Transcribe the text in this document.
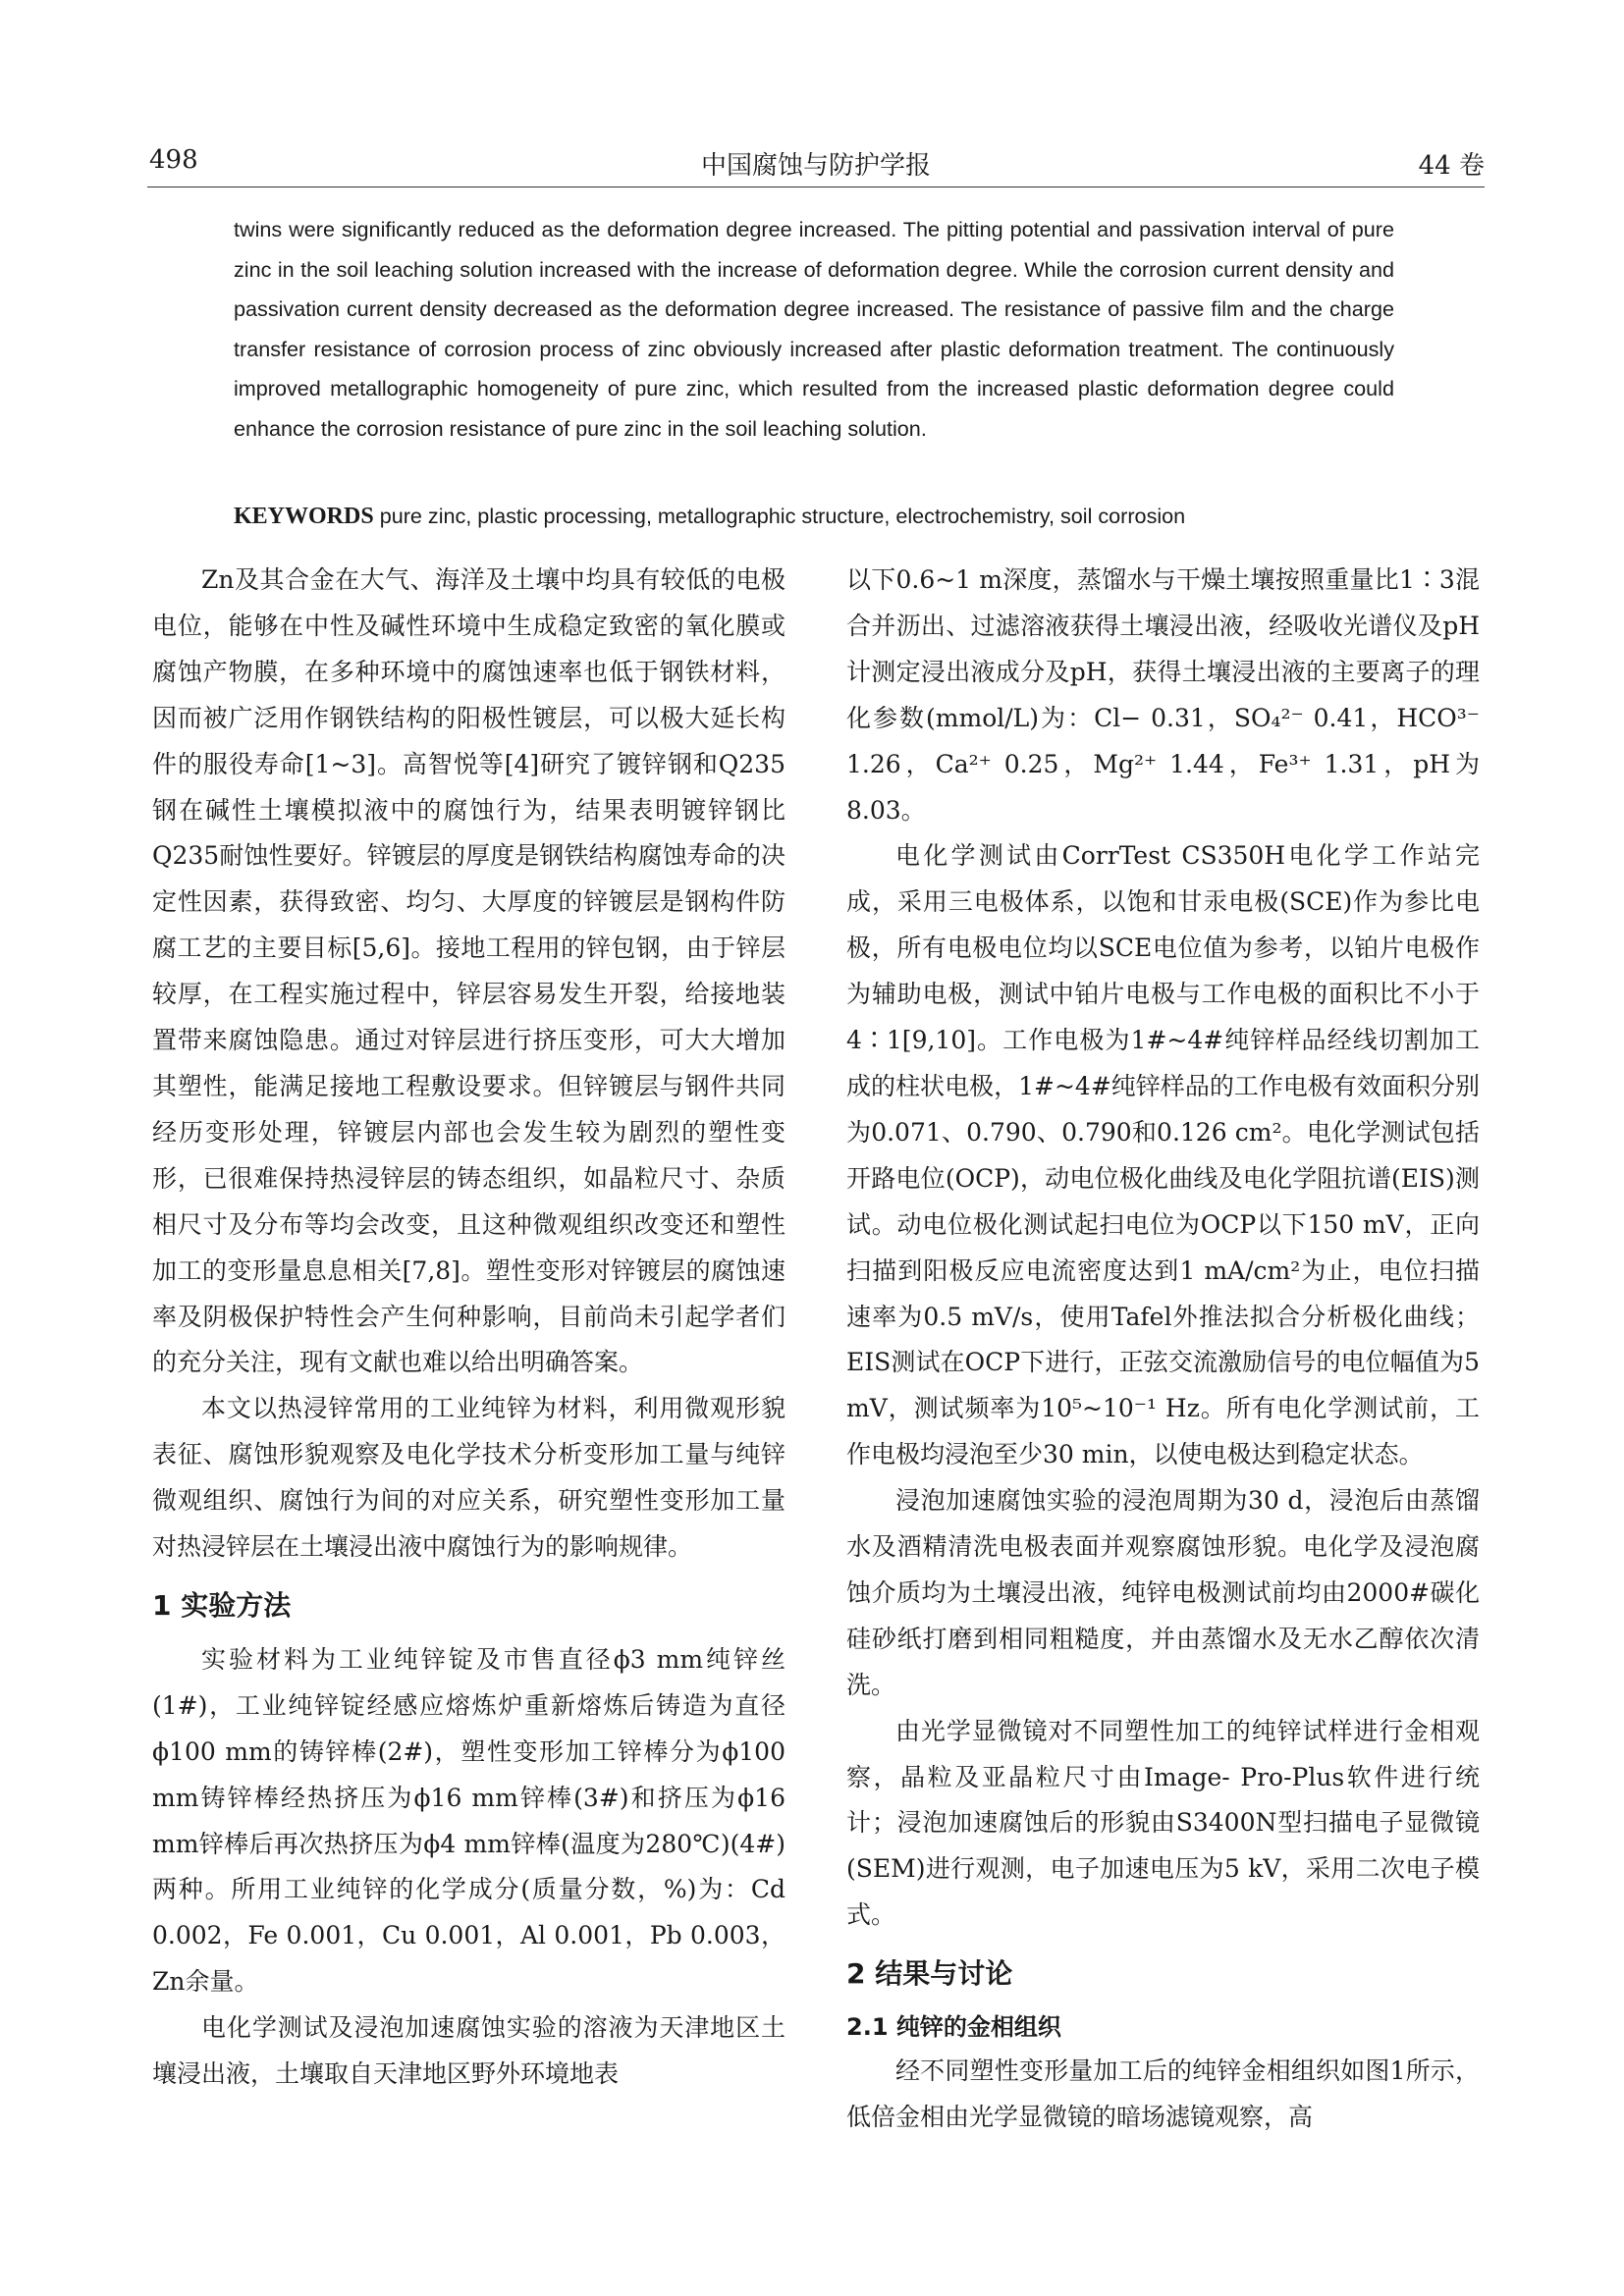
498	中国腐蚀与防护学报	44 卷

twins were significantly reduced as the deformation degree increased. The pitting potential and passivation interval of pure zinc in the soil leaching solution increased with the increase of deformation degree. While the corrosion current density and passivation current density decreased as the deformation degree increased. The resistance of passive film and the charge transfer resistance of corrosion process of zinc obviously increased after plastic deformation treatment. The continuously improved metallographic homogeneity of pure zinc, which resulted from the increased plastic deformation degree could enhance the corrosion resistance of pure zinc in the soil leaching solution.

KEYWORDS pure zinc, plastic processing, metallographic structure, electrochemistry, soil corrosion

Zn及其合金在大气、海洋及土壤中均具有较低的电极电位，能够在中性及碱性环境中生成稳定致密的氧化膜或腐蚀产物膜，在多种环境中的腐蚀速率也低于钢铁材料，因而被广泛用作钢铁结构的阳极性镀层，可以极大延长构件的服役寿命[1~3]。高智悦等[4]研究了镀锌钢和Q235钢在碱性土壤模拟液中的腐蚀行为，结果表明镀锌钢比Q235耐蚀性要好。锌镀层的厚度是钢铁结构腐蚀寿命的决定性因素，获得致密、均匀、大厚度的锌镀层是钢构件防腐工艺的主要目标[5,6]。接地工程用的锌包钢，由于锌层较厚，在工程实施过程中，锌层容易发生开裂，给接地装置带来腐蚀隐患。通过对锌层进行挤压变形，可大大增加其塑性，能满足接地工程敷设要求。但锌镀层与钢件共同经历变形处理，锌镀层内部也会发生较为剧烈的塑性变形，已很难保持热浸锌层的铸态组织，如晶粒尺寸、杂质相尺寸及分布等均会改变，且这种微观组织改变还和塑性加工的变形量息息相关[7,8]。塑性变形对锌镀层的腐蚀速率及阴极保护特性会产生何种影响，目前尚未引起学者们的充分关注，现有文献也难以给出明确答案。

本文以热浸锌常用的工业纯锌为材料，利用微观形貌表征、腐蚀形貌观察及电化学技术分析变形加工量与纯锌微观组织、腐蚀行为间的对应关系，研究塑性变形加工量对热浸锌层在土壤浸出液中腐蚀行为的影响规律。

1 实验方法

实验材料为工业纯锌锭及市售直径ϕ3 mm纯锌丝(1#)，工业纯锌锭经感应熔炼炉重新熔炼后铸造为直径ϕ100 mm的铸锌棒(2#)，塑性变形加工锌棒分为ϕ100 mm铸锌棒经热挤压为ϕ16 mm锌棒(3#)和挤压为ϕ16 mm锌棒后再次热挤压为ϕ4 mm锌棒(温度为280℃)(4#)两种。所用工业纯锌的化学成分(质量分数，%)为：Cd 0.002，Fe 0.001，Cu 0.001，Al 0.001，Pb 0.003，Zn余量。

电化学测试及浸泡加速腐蚀实验的溶液为天津地区土壤浸出液，土壤取自天津地区野外环境地表

以下0.6~1 m深度，蒸馏水与干燥土壤按照重量比1∶3混合并沥出、过滤溶液获得土壤浸出液，经吸收光谱仪及pH计测定浸出液成分及pH，获得土壤浸出液的主要离子的理化参数(mmol/L)为：Cl− 0.31，SO₄²⁻ 0.41，HCO³⁻ 1.26，Ca²⁺ 0.25，Mg²⁺ 1.44，Fe³⁺ 1.31，pH为8.03。

电化学测试由CorrTest CS350H电化学工作站完成，采用三电极体系，以饱和甘汞电极(SCE)作为参比电极，所有电极电位均以SCE电位值为参考，以铂片电极作为辅助电极，测试中铂片电极与工作电极的面积比不小于4∶1[9,10]。工作电极为1#~4#纯锌样品经线切割加工成的柱状电极，1#~4#纯锌样品的工作电极有效面积分别为0.071、0.790、0.790和0.126 cm²。电化学测试包括开路电位(OCP)，动电位极化曲线及电化学阻抗谱(EIS)测试。动电位极化测试起扫电位为OCP以下150 mV，正向扫描到阳极反应电流密度达到1 mA/cm²为止，电位扫描速率为0.5 mV/s，使用Tafel外推法拟合分析极化曲线；EIS测试在OCP下进行，正弦交流激励信号的电位幅值为5 mV，测试频率为10⁵~10⁻¹ Hz。所有电化学测试前，工作电极均浸泡至少30 min，以使电极达到稳定状态。

浸泡加速腐蚀实验的浸泡周期为30 d，浸泡后由蒸馏水及酒精清洗电极表面并观察腐蚀形貌。电化学及浸泡腐蚀介质均为土壤浸出液，纯锌电极测试前均由2000#碳化硅砂纸打磨到相同粗糙度，并由蒸馏水及无水乙醇依次清洗。

由光学显微镜对不同塑性加工的纯锌试样进行金相观察，晶粒及亚晶粒尺寸由Image- Pro-Plus软件进行统计；浸泡加速腐蚀后的形貌由S3400N型扫描电子显微镜(SEM)进行观测，电子加速电压为5 kV，采用二次电子模式。

2 结果与讨论
2.1 纯锌的金相组织

经不同塑性变形量加工后的纯锌金相组织如图1所示，低倍金相由光学显微镜的暗场滤镜观察，高
